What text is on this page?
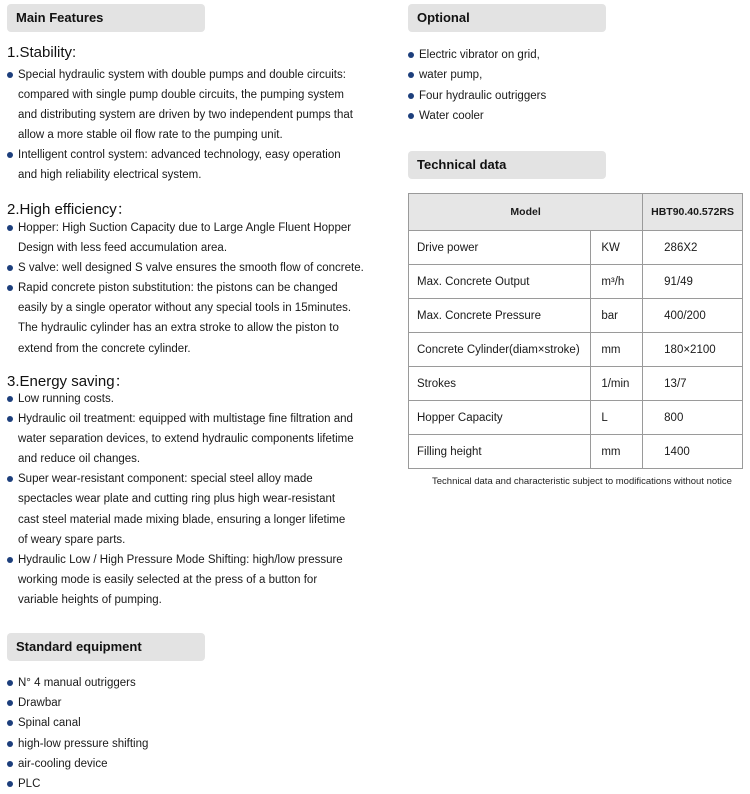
Main Features
1.Stability:
Special hydraulic system with double pumps and double circuits:
compared with single pump double circuits, the pumping system
and distributing system are driven by two independent pumps that
allow a more stable oil flow rate to the pumping unit.
Intelligent control system: advanced technology, easy operation
and high reliability electrical system.
2.High efficiency：
Hopper: High Suction Capacity due to Large Angle Fluent Hopper
Design with less feed accumulation area.
S valve: well designed S valve ensures the smooth flow of concrete.
Rapid concrete piston substitution: the pistons can be changed
easily by a single operator without any special tools in 15minutes.
The hydraulic cylinder has an extra stroke to allow the piston to
extend from the concrete cylinder.
3.Energy saving：
Low running costs.
Hydraulic oil treatment: equipped with multistage fine filtration and
water separation devices, to extend hydraulic components lifetime
and reduce oil changes.
Super wear-resistant component: special steel alloy made
spectacles wear plate and cutting ring plus high wear-resistant
cast steel material made mixing blade, ensuring a longer lifetime
of weary spare parts.
Hydraulic Low / High Pressure Mode Shifting: high/low pressure
working mode is easily selected at the press of a button for
variable heights of pumping.
Standard equipment
N° 4 manual outriggers
Drawbar
Spinal canal
high-low pressure shifting
air-cooling device
PLC
Optional
Electric vibrator on grid,
water pump,
Four hydraulic outriggers
Water cooler
Technical data
Model		HBT90.40.572RS
Drive power	KW	286X2
Max. Concrete Output	m³/h	91/49
Max. Concrete Pressure	bar	400/200
Concrete Cylinder(diam×stroke)	mm	180×2100
Strokes	1/min	13/7
Hopper Capacity	L	800
Filling height	mm	1400
Technical data and characteristic subject to modifications without notice
